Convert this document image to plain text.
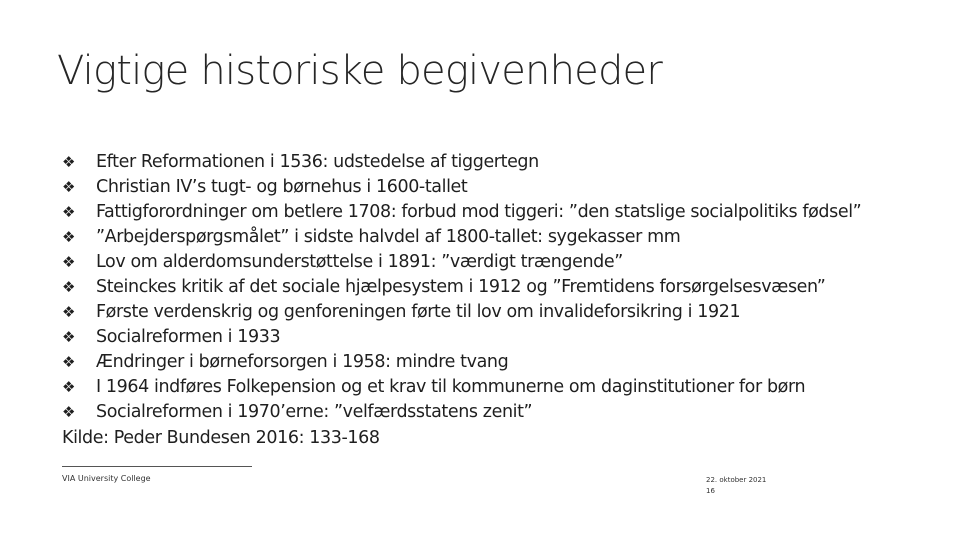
Vigtige historiske begivenheder
❖	Efter Reformationen i 1536: udstedelse af tiggertegn
❖	Christian IV’s tugt- og børnehus i 1600-tallet
❖	Fattigforordninger om betlere 1708: forbud mod tiggeri: ”den statslige socialpolitiks fødsel”
❖	”Arbejderspørgsmålet” i sidste halvdel af 1800-tallet: sygekasser mm
❖	Lov om alderdomsunderstøttelse i 1891: ”værdigt trængende”
❖	Steinckes kritik af det sociale hjælpesystem i 1912 og ”Fremtidens forsørgelsesvæsen”
❖	Første verdenskrig og genforeningen førte til lov om invalideforsikring i 1921
❖	Socialreformen i 1933
❖	Ændringer i børneforsorgen i 1958: mindre tvang
❖	I 1964 indføres Folkepension og et krav til kommunerne om daginstitutioner for børn
❖	Socialreformen i 1970’erne: ”velfærdsstatens zenit”
Kilde: Peder Bundesen 2016: 133-168
VIA University College	22. oktober 2021
16
